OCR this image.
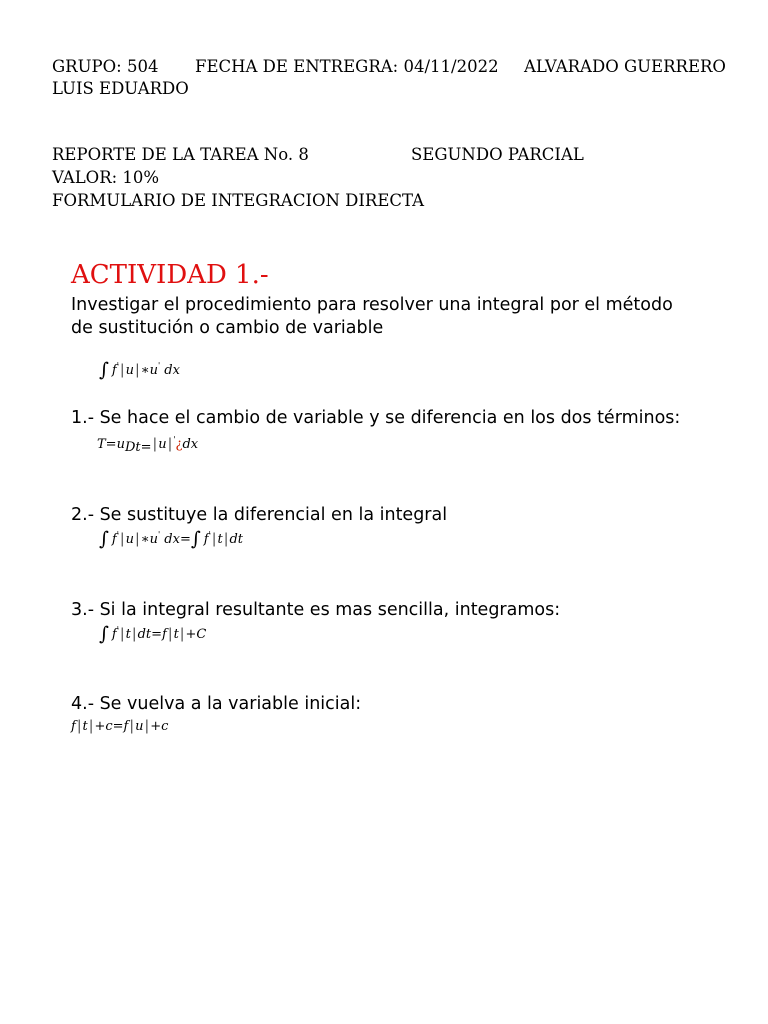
GRUPO: 504 FECHA DE ENTREGRA: 04/11/2022 ALVARADO GUERRERO
LUIS EDUARDO
REPORTE DE LA TAREA No. 8	SEGUNDO PARCIAL
VALOR: 10%
FORMULARIO DE INTEGRACION DIRECTA
ACTIVIDAD 1.-
Investigar el procedimiento para resolver una integral por el método
de sustitución o cambio de variable
∫ f'|u|∗u' dx
1.- Se hace el cambio de variable y se diferencia en los dos términos:
T=uDt=|u|'¿dx
2.- Se sustituye la diferencial en la integral
∫ f'|u|∗u' dx=∫ f'|t|dt
3.- Si la integral resultante es mas sencilla, integramos:
∫ f'|t|dt=f|t|+C
4.- Se vuelva a la variable inicial:
f|t|+c=f|u|+c
